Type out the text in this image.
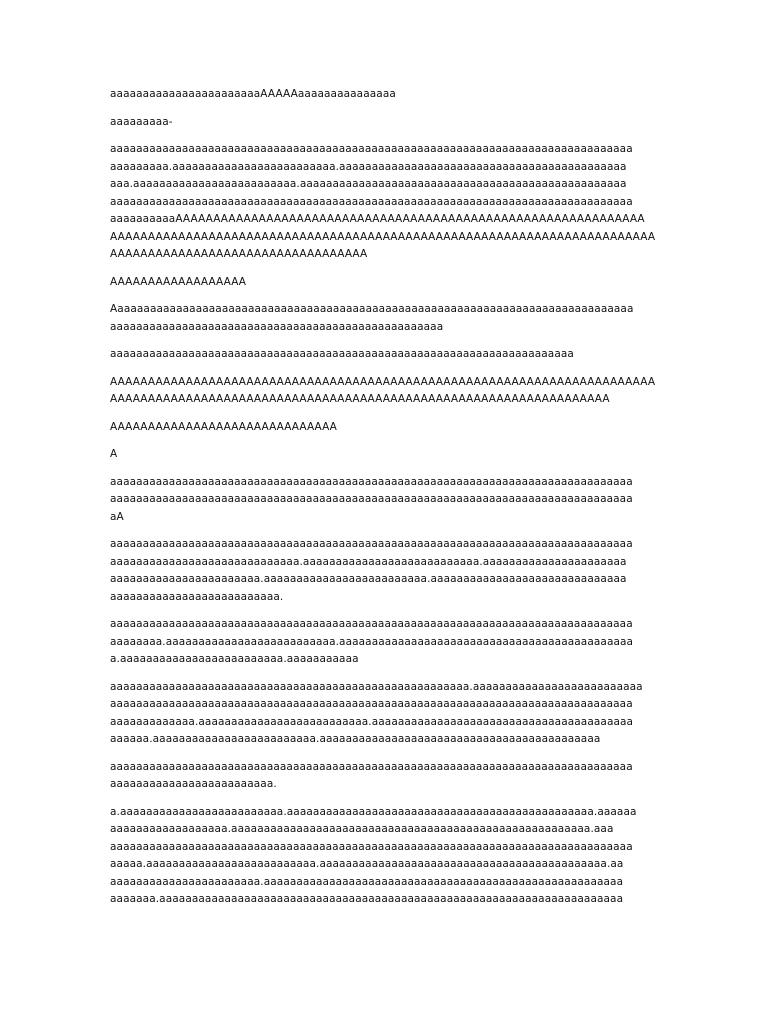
aaaaaaaaaaaaaaaaaaaaaaaAAAAAaaaaaaaaaaaaaaa
aaaaaaaaa-
aaaaaaaaaaaaaaaaaaaaaaaaaaaaaaaaaaaaaaaaaaaaaaaaaaaaaaaaaaaaaaaaaaaaaaaaaaaaaaaa
aaaaaaaaa.aaaaaaaaaaaaaaaaaaaaaaaaa.aaaaaaaaaaaaaaaaaaaaaaaaaaaaaaaaaaaaaaaaaaaa
aaa.aaaaaaaaaaaaaaaaaaaaaaaaa.aaaaaaaaaaaaaaaaaaaaaaaaaaaaaaaaaaaaaaaaaaaaaaaaaa
aaaaaaaaaaaaaaaaaaaaaaaaaaaaaaaaaaaaaaaaaaaaaaaaaaaaaaaaaaaaaaaaaaaaaaaaaaaaaaaa
aaaaaaaaaaAAAAAAAAAAAAAAAAAAAAAAAAAAAAAAAAAAAAAAAAAAAAAAAAAAAAAAAAAAAAAA
AAAAAAAAAAAAAAAAAAAAAAAAAAAAAAAAAAAAAAAAAAAAAAAAAAAAAAAAAAAAAAAAAAAAAAAA
AAAAAAAAAAAAAAAAAAAAAAAAAAAAAAAAAA
AAAAAAAAAAAAAAAAAA
Aaaaaaaaaaaaaaaaaaaaaaaaaaaaaaaaaaaaaaaaaaaaaaaaaaaaaaaaaaaaaaaaaaaaaaaaaaaaaaaa
aaaaaaaaaaaaaaaaaaaaaaaaaaaaaaaaaaaaaaaaaaaaaaaaaaa
aaaaaaaaaaaaaaaaaaaaaaaaaaaaaaaaaaaaaaaaaaaaaaaaaaaaaaaaaaaaaaaaaaaaaaa
AAAAAAAAAAAAAAAAAAAAAAAAAAAAAAAAAAAAAAAAAAAAAAAAAAAAAAAAAAAAAAAAAAAAAAAA
AAAAAAAAAAAAAAAAAAAAAAAAAAAAAAAAAAAAAAAAAAAAAAAAAAAAAAAAAAAAAAAAAA
AAAAAAAAAAAAAAAAAAAAAAAAAAAAAA
A
aaaaaaaaaaaaaaaaaaaaaaaaaaaaaaaaaaaaaaaaaaaaaaaaaaaaaaaaaaaaaaaaaaaaaaaaaaaaaaaa
aaaaaaaaaaaaaaaaaaaaaaaaaaaaaaaaaaaaaaaaaaaaaaaaaaaaaaaaaaaaaaaaaaaaaaaaaaaaaaaa
aA
aaaaaaaaaaaaaaaaaaaaaaaaaaaaaaaaaaaaaaaaaaaaaaaaaaaaaaaaaaaaaaaaaaaaaaaaaaaaaaaa
aaaaaaaaaaaaaaaaaaaaaaaaaaaaa.aaaaaaaaaaaaaaaaaaaaaaaaaaa.aaaaaaaaaaaaaaaaaaaaaa
aaaaaaaaaaaaaaaaaaaaaaa.aaaaaaaaaaaaaaaaaaaaaaaaa.aaaaaaaaaaaaaaaaaaaaaaaaaaaaaa
aaaaaaaaaaaaaaaaaaaaaaaaaa.
aaaaaaaaaaaaaaaaaaaaaaaaaaaaaaaaaaaaaaaaaaaaaaaaaaaaaaaaaaaaaaaaaaaaaaaaaaaaaaaa
aaaaaaaa.aaaaaaaaaaaaaaaaaaaaaaaaaa.aaaaaaaaaaaaaaaaaaaaaaaaaaaaaaaaaaaaaaaaaaaaa
a.aaaaaaaaaaaaaaaaaaaaaaaaa.aaaaaaaaaaa
aaaaaaaaaaaaaaaaaaaaaaaaaaaaaaaaaaaaaaaaaaaaaaaaaaaaaaa.aaaaaaaaaaaaaaaaaaaaaaaaaa
aaaaaaaaaaaaaaaaaaaaaaaaaaaaaaaaaaaaaaaaaaaaaaaaaaaaaaaaaaaaaaaaaaaaaaaaaaaaaaaa
aaaaaaaaaaaaa.aaaaaaaaaaaaaaaaaaaaaaaaaa.aaaaaaaaaaaaaaaaaaaaaaaaaaaaaaaaaaaaaaaa
aaaaaa.aaaaaaaaaaaaaaaaaaaaaaaaa.aaaaaaaaaaaaaaaaaaaaaaaaaaaaaaaaaaaaaaaaaaa
aaaaaaaaaaaaaaaaaaaaaaaaaaaaaaaaaaaaaaaaaaaaaaaaaaaaaaaaaaaaaaaaaaaaaaaaaaaaaaaa
aaaaaaaaaaaaaaaaaaaaaaaaa.
a.aaaaaaaaaaaaaaaaaaaaaaaaa.aaaaaaaaaaaaaaaaaaaaaaaaaaaaaaaaaaaaaaaaaaaaaaa.aaaaaa
aaaaaaaaaaaaaaaaaa.aaaaaaaaaaaaaaaaaaaaaaaaaaaaaaaaaaaaaaaaaaaaaaaaaaaaaaa.aaa
aaaaaaaaaaaaaaaaaaaaaaaaaaaaaaaaaaaaaaaaaaaaaaaaaaaaaaaaaaaaaaaaaaaaaaaaaaaaaaaa
aaaaa.aaaaaaaaaaaaaaaaaaaaaaaaaa.aaaaaaaaaaaaaaaaaaaaaaaaaaaaaaaaaaaaaaaaaaaa.aa
aaaaaaaaaaaaaaaaaaaaaaa.aaaaaaaaaaaaaaaaaaaaaaaaaaaaaaaaaaaaaaaaaaaaaaaaaaaaaaa
aaaaaaa.aaaaaaaaaaaaaaaaaaaaaaaaaaaaaaaaaaaaaaaaaaaaaaaaaaaaaaaaaaaaaaaaaaaaaaa
